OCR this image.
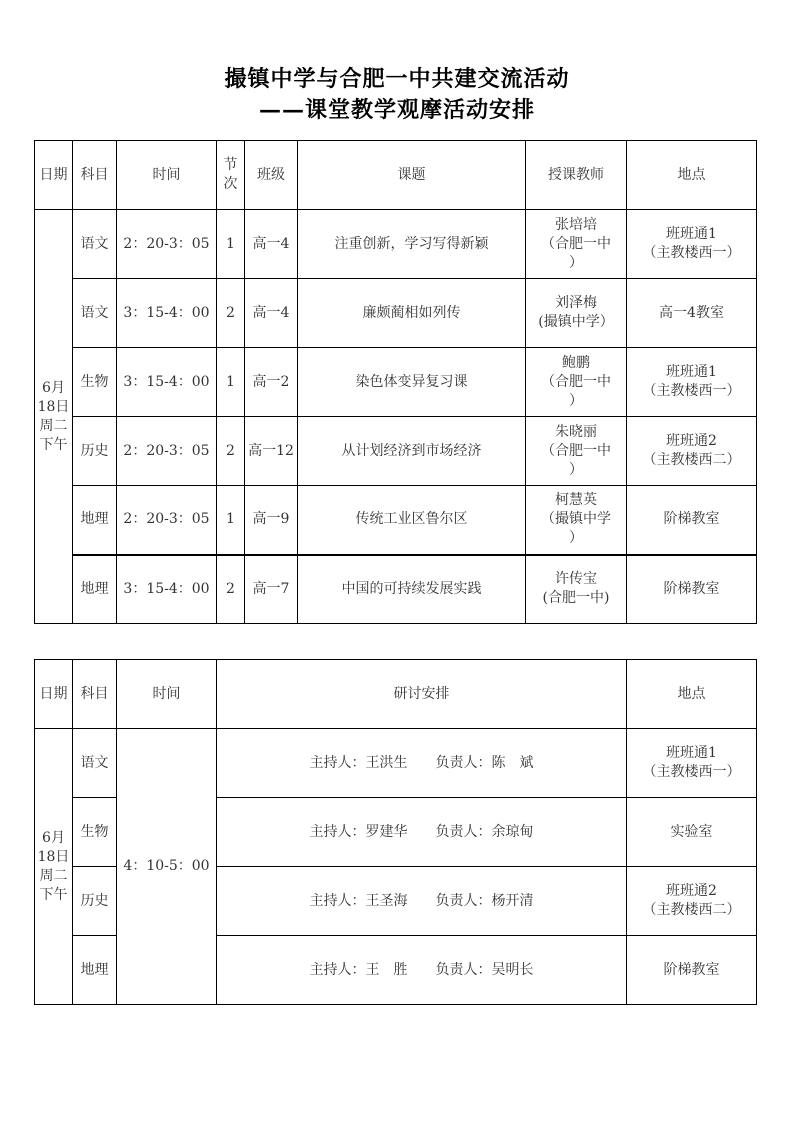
撮镇中学与合肥一中共建交流活动
——课堂教学观摩活动安排
日期	科目	时间	节
次	班级	课题	授课教师	地点

6月
18日
周二
下午	语文	2：20-3：05	1	高一4	注重创新，学习写得新颖	张培培
（合肥一中
）	班班通1
（主教楼西一）

	语文	3：15-4：00	2	高一4	廉颇蔺相如列传	刘泽梅
(撮镇中学）	高一4教室

	生物	3：15-4：00	1	高一2	染色体变异复习课	鲍鹏
（合肥一中
）	班班通1
（主教楼西一）

	历史	2：20-3：05	2	高一12	从计划经济到市场经济	朱晓丽
（合肥一中
）	班班通2
（主教楼西二）

	地理	2：20-3：05	1	高一9	传统工业区鲁尔区	柯慧英
（撮镇中学
）	阶梯教室

	地理	3：15-4：00	2	高一7	中国的可持续发展实践	许传宝
(合肥一中)	阶梯教室
日期	科目	时间	研讨安排	地点

6月
18日
周二
下午	语文	4：10-5：00	主持人：王洪生　　负责人：陈　斌	班班通1
（主教楼西一）

	生物		主持人：罗建华　　负责人：余琼甸	实验室

	历史		主持人：王圣海　　负责人：杨开清	班班通2
（主教楼西二）

	地理		主持人：王　胜　　负责人：吴明长	阶梯教室
